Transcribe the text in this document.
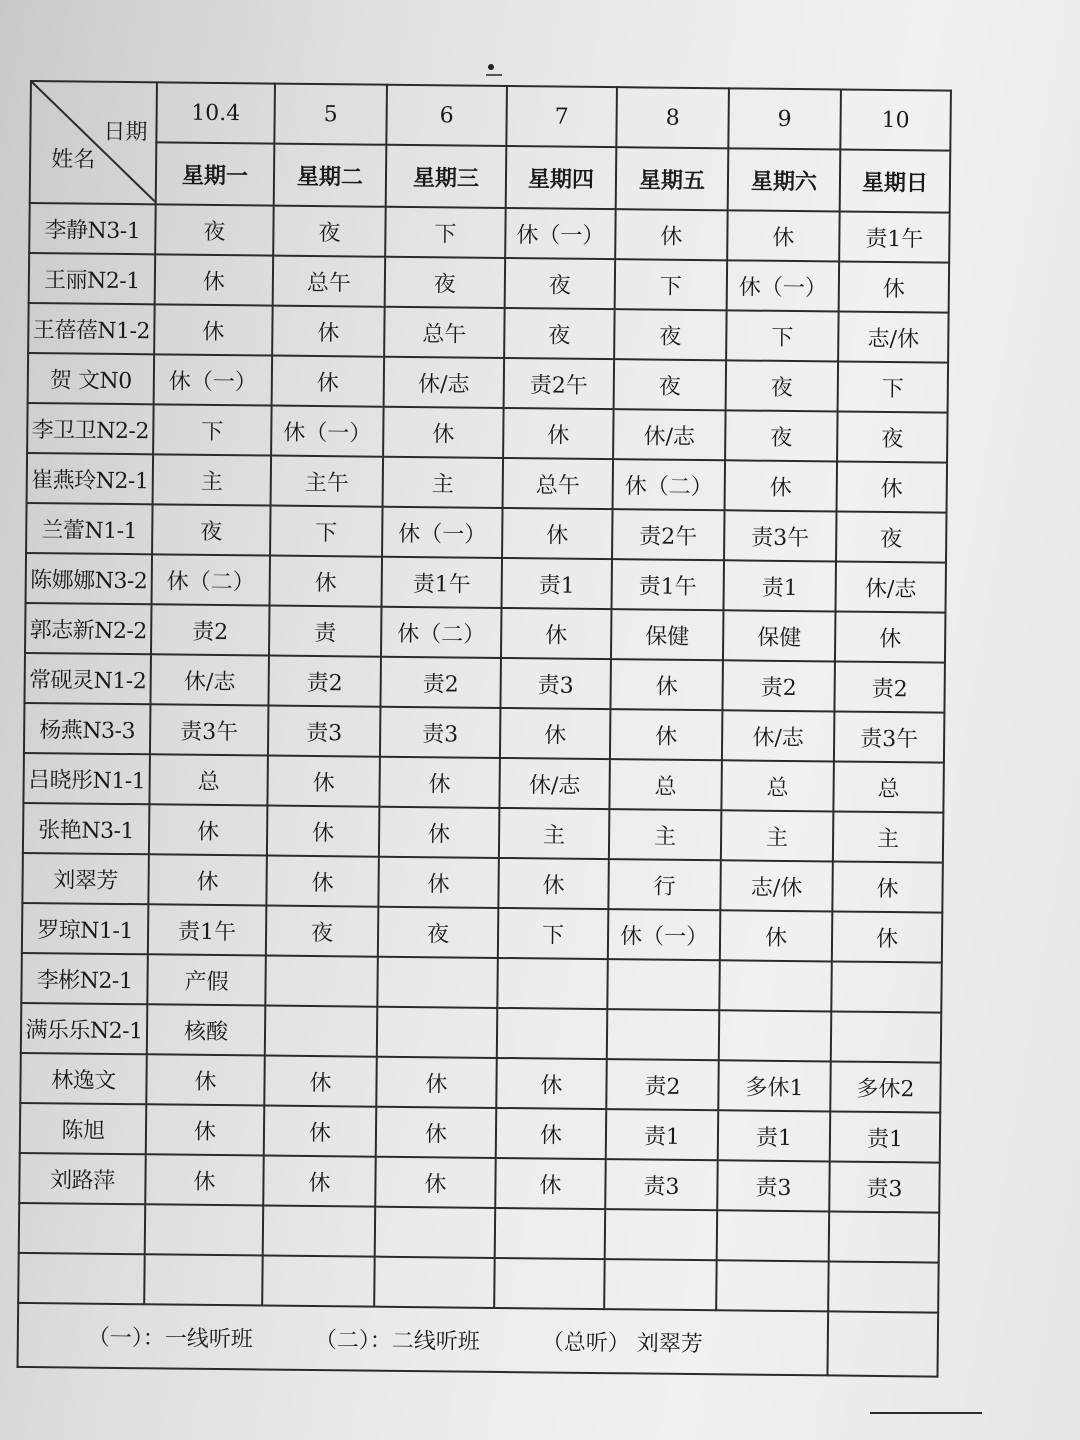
日期
姓名	10.4	5	6	7	8	9	10
	星期一	星期二	星期三	星期四	星期五	星期六	星期日
李静N3-1	夜	夜	下	休（一）	休	休	责1午
王丽N2-1	休	总午	夜	夜	下	休（一）	休
王蓓蓓N1-2	休	休	总午	夜	夜	下	志/休
贺 文N0	休（一）	休	休/志	责2午	夜	夜	下
李卫卫N2-2	下	休（一）	休	休	休/志	夜	夜
崔燕玲N2-1	主	主午	主	总午	休（二）	休	休
兰蕾N1-1	夜	下	休（一）	休	责2午	责3午	夜
陈娜娜N3-2	休（二）	休	责1午	责1	责1午	责1	休/志
郭志新N2-2	责2	责	休（二）	休	保健	保健	休
常砚灵N1-2	休/志	责2	责2	责3	休	责2	责2
杨燕N3-3	责3午	责3	责3	休	休	休/志	责3午
吕晓彤N1-1	总	休	休	休/志	总	总	总
张艳N3-1	休	休	休	主	主	主	主
刘翠芳	休	休	休	休	行	志/休	休
罗琼N1-1	责1午	夜	夜	下	休（一）	休	休
李彬N2-1	产假						
满乐乐N2-1	核酸						
林逸文	休	休	休	休	责2	多休1	多休2
陈旭	休	休	休	休	责1	责1	责1
刘路萍	休	休	休	休	责3	责3	责3

（一）：一线听班 （二）：二线听班 （总听） 刘翠芳							
